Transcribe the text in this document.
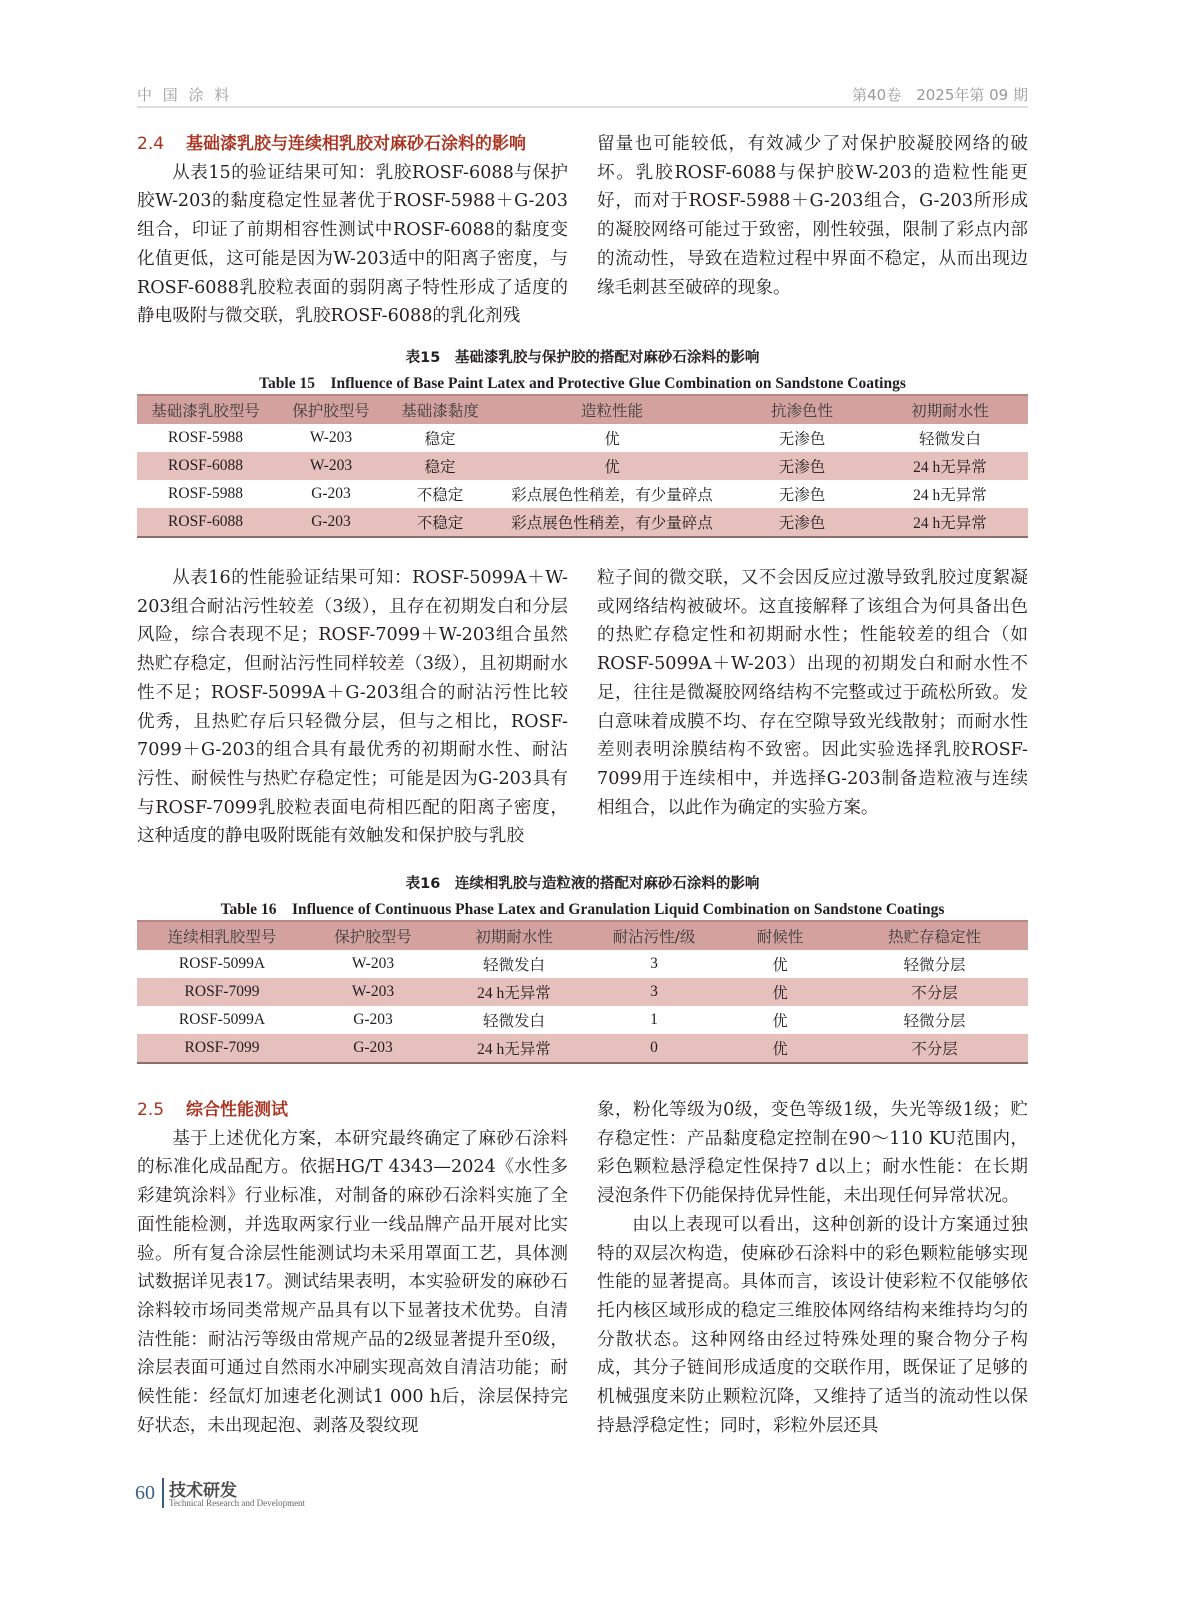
中 国 涂 料	第40卷　2025年第 09 期
2.4 基础漆乳胶与连续相乳胶对麻砂石涂料的影响

从表15的验证结果可知：乳胶ROSF-6088与保护胶W-203的黏度稳定性显著优于ROSF-5988＋G-203组合，印证了前期相容性测试中ROSF-6088的黏度变化值更低，这可能是因为W-203适中的阳离子密度，与ROSF-6088乳胶粒表面的弱阴离子特性形成了适度的静电吸附与微交联，乳胶ROSF-6088的乳化剂残

留量也可能较低，有效减少了对保护胶凝胶网络的破坏。乳胶ROSF-6088与保护胶W-203的造粒性能更好，而对于ROSF-5988＋G-203组合，G-203所形成的凝胶网络可能过于致密，刚性较强，限制了彩点内部的流动性，导致在造粒过程中界面不稳定，从而出现边缘毛刺甚至破碎的现象。

表15　基础漆乳胶与保护胶的搭配对麻砂石涂料的影响
Table 15　Influence of Base Paint Latex and Protective Glue Combination on Sandstone Coatings
基础漆乳胶型号	保护胶型号	基础漆黏度	造粒性能	抗渗色性	初期耐水性
ROSF-5988	W-203	稳定	优	无渗色	轻微发白
ROSF-6088	W-203	稳定	优	无渗色	24 h无异常
ROSF-5988	G-203	不稳定	彩点展色性稍差，有少量碎点	无渗色	24 h无异常
ROSF-6088	G-203	不稳定	彩点展色性稍差，有少量碎点	无渗色	24 h无异常

从表16的性能验证结果可知：ROSF-5099A＋W-203组合耐沾污性较差（3级），且存在初期发白和分层风险，综合表现不足；ROSF-7099＋W-203组合虽然热贮存稳定，但耐沾污性同样较差（3级），且初期耐水性不足；ROSF-5099A＋G-203组合的耐沾污性比较优秀，且热贮存后只轻微分层，但与之相比，ROSF-7099＋G-203的组合具有最优秀的初期耐水性、耐沾污性、耐候性与热贮存稳定性；可能是因为G-203具有与ROSF-7099乳胶粒表面电荷相匹配的阳离子密度，这种适度的静电吸附既能有效触发和保护胶与乳胶

粒子间的微交联，又不会因反应过激导致乳胶过度絮凝或网络结构被破坏。这直接解释了该组合为何具备出色的热贮存稳定性和初期耐水性；性能较差的组合（如ROSF-5099A＋W-203）出现的初期发白和耐水性不足，往往是微凝胶网络结构不完整或过于疏松所致。发白意味着成膜不均、存在空隙导致光线散射；而耐水性差则表明涂膜结构不致密。因此实验选择乳胶ROSF-7099用于连续相中，并选择G-203制备造粒液与连续相组合，以此作为确定的实验方案。

表16　连续相乳胶与造粒液的搭配对麻砂石涂料的影响
Table 16　Influence of Continuous Phase Latex and Granulation Liquid Combination on Sandstone Coatings
连续相乳胶型号	保护胶型号	初期耐水性	耐沾污性/级	耐候性	热贮存稳定性
ROSF-5099A	W-203	轻微发白	3	优	轻微分层
ROSF-7099	W-203	24 h无异常	3	优	不分层
ROSF-5099A	G-203	轻微发白	1	优	轻微分层
ROSF-7099	G-203	24 h无异常	0	优	不分层
2.5 综合性能测试

基于上述优化方案，本研究最终确定了麻砂石涂料的标准化成品配方。依据HG/T 4343—2024《水性多彩建筑涂料》行业标准，对制备的麻砂石涂料实施了全面性能检测，并选取两家行业一线品牌产品开展对比实验。所有复合涂层性能测试均未采用罩面工艺，具体测试数据详见表17。测试结果表明，本实验研发的麻砂石涂料较市场同类常规产品具有以下显著技术优势。自清洁性能：耐沾污等级由常规产品的2级显著提升至0级，涂层表面可通过自然雨水冲刷实现高效自清洁功能；耐候性能：经氙灯加速老化测试1 000 h后，涂层保持完好状态，未出现起泡、剥落及裂纹现

象，粉化等级为0级，变色等级1级，失光等级1级；贮存稳定性：产品黏度稳定控制在90～110 KU范围内，彩色颗粒悬浮稳定性保持7 d以上；耐水性能：在长期浸泡条件下仍能保持优异性能，未出现任何异常状况。

由以上表现可以看出，这种创新的设计方案通过独特的双层次构造，使麻砂石涂料中的彩色颗粒能够实现性能的显著提高。具体而言，该设计使彩粒不仅能够依托内核区域形成的稳定三维胶体网络结构来维持均匀的分散状态。这种网络由经过特殊处理的聚合物分子构成，其分子链间形成适度的交联作用，既保证了足够的机械强度来防止颗粒沉降，又维持了适当的流动性以保持悬浮稳定性；同时，彩粒外层还具

60 技术研发
Technical Research and Development
